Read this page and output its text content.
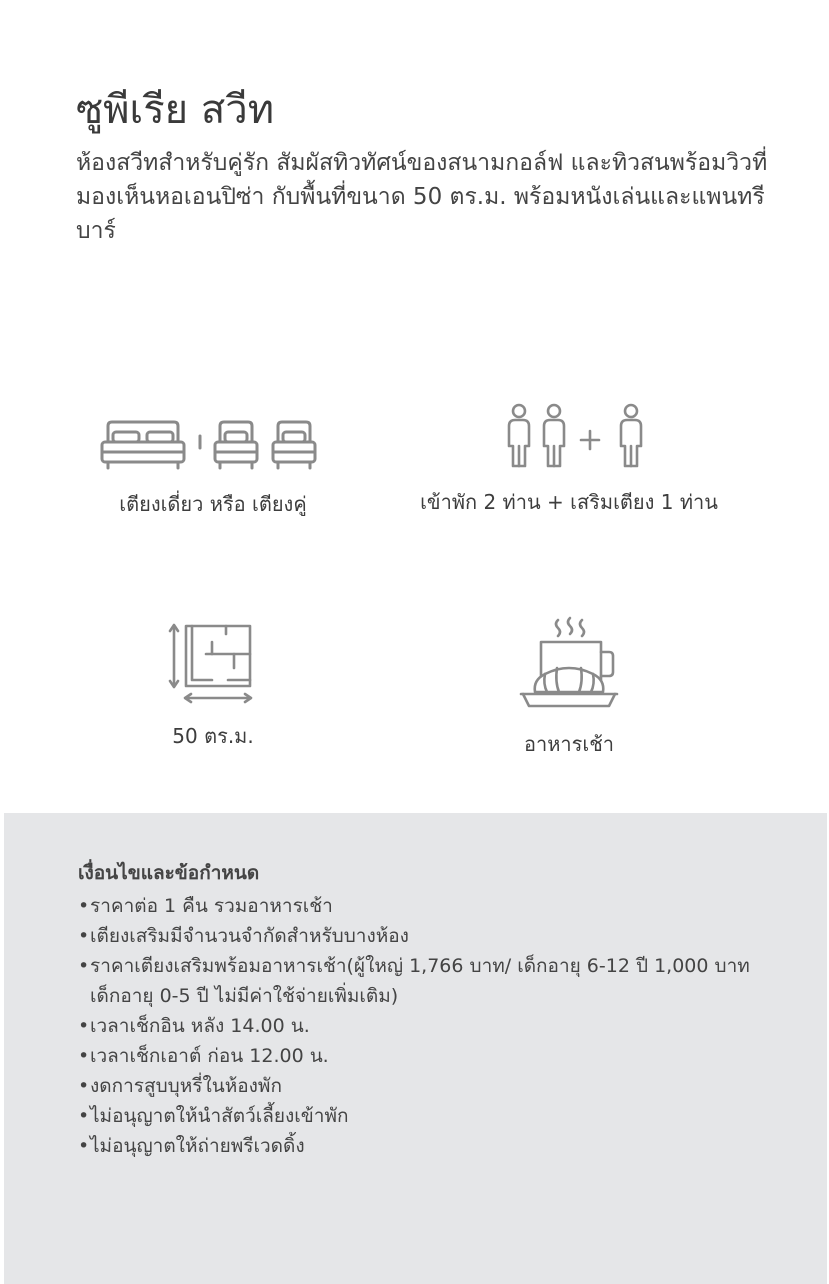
ซูพีเรีย สวีท

ห้องสวีทสำหรับคู่รัก สัมผัสทิวทัศน์ของสนามกอล์ฟ และทิวสนพร้อมวิวที่มองเห็นหอเอนปิซ่า กับพื้นที่ขนาด 50 ตร.ม. พร้อมหนังเล่นและแพนทรีบาร์

เตียงเดี่ยว หรือ เตียงคู่	เข้าพัก 2 ท่าน + เสริมเตียง 1 ท่าน
50 ตร.ม.	อาหารเช้า
เงื่อนไขและข้อกำหนด
• ราคาต่อ 1 คืน รวมอาหารเช้า
• เตียงเสริมมีจำนวนจำกัดสำหรับบางห้อง
• ราคาเตียงเสริมพร้อมอาหารเช้า(ผู้ใหญ่ 1,766 บาท/ เด็กอายุ 6-12 ปี 1,000 บาท เด็กอายุ 0-5 ปี ไม่มีค่าใช้จ่ายเพิ่มเติม)
• เวลาเช็กอิน หลัง 14.00 น.
• เวลาเช็กเอาต์ ก่อน 12.00 น.
• งดการสูบบุหรี่ในห้องพัก
• ไม่อนุญาตให้นำสัตว์เลี้ยงเข้าพัก
• ไม่อนุญาตให้ถ่ายพรีเวดดิ้ง
